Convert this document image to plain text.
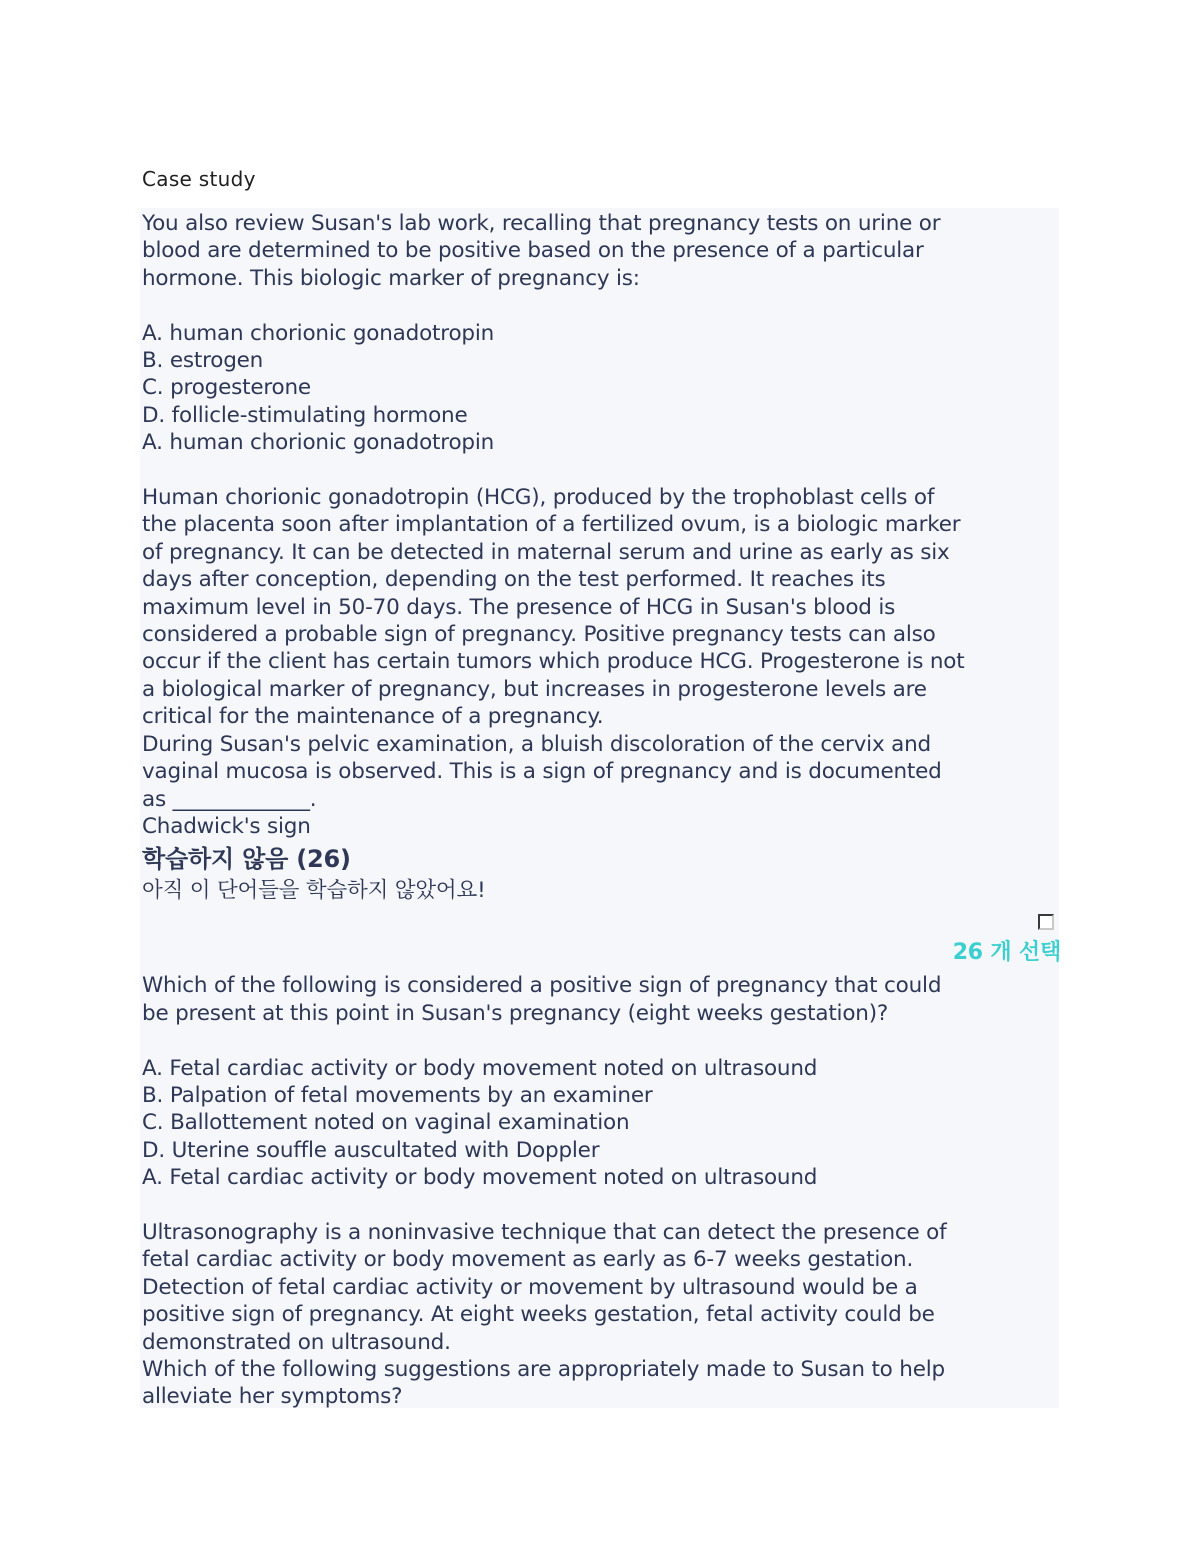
Case study
You also review Susan's lab work, recalling that pregnancy tests on urine or
blood are determined to be positive based on the presence of a particular
hormone. This biologic marker of pregnancy is:
A. human chorionic gonadotropin
B. estrogen
C. progesterone
D. follicle-stimulating hormone
A. human chorionic gonadotropin
Human chorionic gonadotropin (HCG), produced by the trophoblast cells of
the placenta soon after implantation of a fertilized ovum, is a biologic marker
of pregnancy. It can be detected in maternal serum and urine as early as six
days after conception, depending on the test performed. It reaches its
maximum level in 50-70 days. The presence of HCG in Susan's blood is
considered a probable sign of pregnancy. Positive pregnancy tests can also
occur if the client has certain tumors which produce HCG. Progesterone is not
a biological marker of pregnancy, but increases in progesterone levels are
critical for the maintenance of a pregnancy.
During Susan's pelvic examination, a bluish discoloration of the cervix and
vaginal mucosa is observed. This is a sign of pregnancy and is documented
as _____________.
Chadwick's sign
학습하지 않음 (26)
아직 이 단어들을 학습하지 않았어요!
26 개 선택
Which of the following is considered a positive sign of pregnancy that could
be present at this point in Susan's pregnancy (eight weeks gestation)?
A. Fetal cardiac activity or body movement noted on ultrasound
B. Palpation of fetal movements by an examiner
C. Ballottement noted on vaginal examination
D. Uterine souffle auscultated with Doppler
A. Fetal cardiac activity or body movement noted on ultrasound
Ultrasonography is a noninvasive technique that can detect the presence of
fetal cardiac activity or body movement as early as 6-7 weeks gestation.
Detection of fetal cardiac activity or movement by ultrasound would be a
positive sign of pregnancy. At eight weeks gestation, fetal activity could be
demonstrated on ultrasound.
Which of the following suggestions are appropriately made to Susan to help
alleviate her symptoms?
